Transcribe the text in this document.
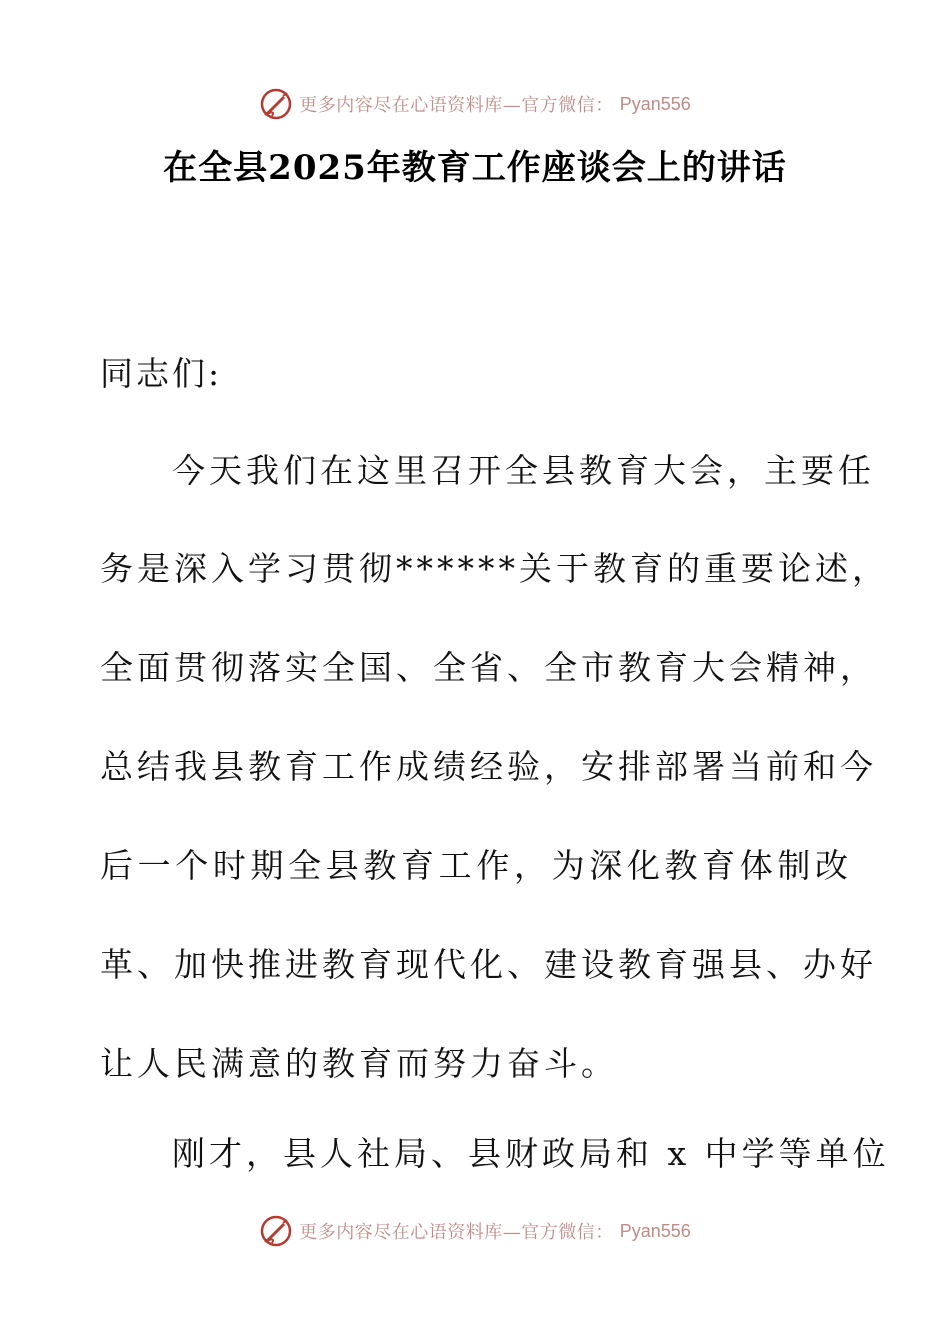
更多内容尽在心语资料库—官方微信： Pyan556
在全县2025年教育工作座谈会上的讲话
同志们:
今天我们在这里召开全县教育大会，主要任
务是深入学习贯彻******关于教育的重要论述，
全面贯彻落实全国、全省、全市教育大会精神，
总结我县教育工作成绩经验，安排部署当前和今
后一个时期全县教育工作，为深化教育体制改
革、加快推进教育现代化、建设教育强县、办好
让人民满意的教育而努力奋斗。
刚才，县人社局、县财政局和 x 中学等单位
更多内容尽在心语资料库—官方微信： Pyan556
